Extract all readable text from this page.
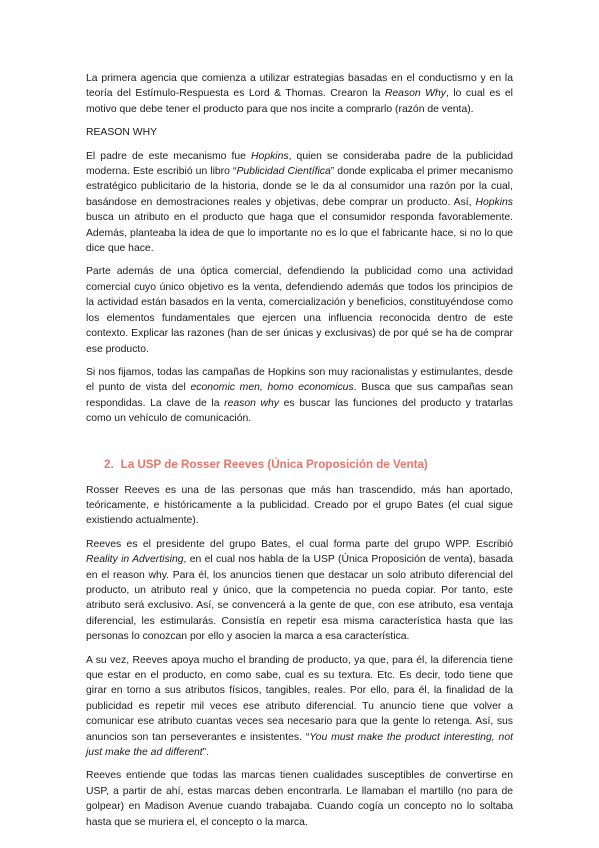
La primera agencia que comienza a utilizar estrategias basadas en el conductismo y en la teoría del Estímulo-Respuesta es Lord & Thomas. Crearon la Reason Why, lo cual es el motivo que debe tener el producto para que nos incite a comprarlo (razón de venta).

REASON WHY

El padre de este mecanismo fue Hopkins, quien se consideraba padre de la publicidad moderna. Este escribió un libro “Publicidad Científica” donde explicaba el primer mecanismo estratégico publicitario de la historia, donde se le da al consumidor una razón por la cual, basándose en demostraciones reales y objetivas, debe comprar un producto. Así, Hopkins busca un atributo en el producto que haga que el consumidor responda favorablemente. Además, planteaba la idea de que lo importante no es lo que el fabricante hace, si no lo que dice que hace.

Parte además de una óptica comercial, defendiendo la publicidad como una actividad comercial cuyo único objetivo es la venta, defendiendo además que todos los principios de la actividad están basados en la venta, comercialización y beneficios, constituyéndose como los elementos fundamentales que ejercen una influencia reconocida dentro de este contexto. Explicar las razones (han de ser únicas y exclusivas) de por qué se ha de comprar ese producto.

Si nos fijamos, todas las campañas de Hopkins son muy racionalistas y estimulantes, desde el punto de vista del economic men, homo economicus. Busca que sus campañas sean respondidas. La clave de la reason why es buscar las funciones del producto y tratarlas como un vehículo de comunicación.

2. La USP de Rosser Reeves (Única Proposición de Venta)

Rosser Reeves es una de las personas que más han trascendido, más han aportado, teóricamente, e históricamente a la publicidad. Creado por el grupo Bates (el cual sigue existiendo actualmente).

Reeves es el presidente del grupo Bates, el cual forma parte del grupo WPP. Escribió Reality in Advertising, en el cual nos habla de la USP (Única Proposición de venta), basada en el reason why. Para él, los anuncios tienen que destacar un solo atributo diferencial del producto, un atributo real y único, que la competencia no pueda copiar. Por tanto, este atributo será exclusivo. Así, se convencerá a la gente de que, con ese atributo, esa ventaja diferencial, les estimularás. Consistía en repetir esa misma característica hasta que las personas lo conozcan por ello y asocien la marca a esa característica.

A su vez, Reeves apoya mucho el branding de producto, ya que, para él, la diferencia tiene que estar en el producto, en como sabe, cual es su textura. Etc. Es decir, todo tiene que girar en torno a sus atributos físicos, tangibles, reales. Por ello, para él, la finalidad de la publicidad es repetir mil veces ese atributo diferencial. Tu anuncio tiene que volver a comunicar ese atributo cuantas veces sea necesario para que la gente lo retenga. Así, sus anuncios son tan perseverantes e insistentes. “You must make the product interesting, not just make the ad different”.

Reeves entiende que todas las marcas tienen cualidades susceptibles de convertirse en USP, a partir de ahí, estas marcas deben encontrarla. Le llamaban el martillo (no para de golpear) en Madison Avenue cuando trabajaba. Cuando cogía un concepto no lo soltaba hasta que se muriera el, el concepto o la marca.
